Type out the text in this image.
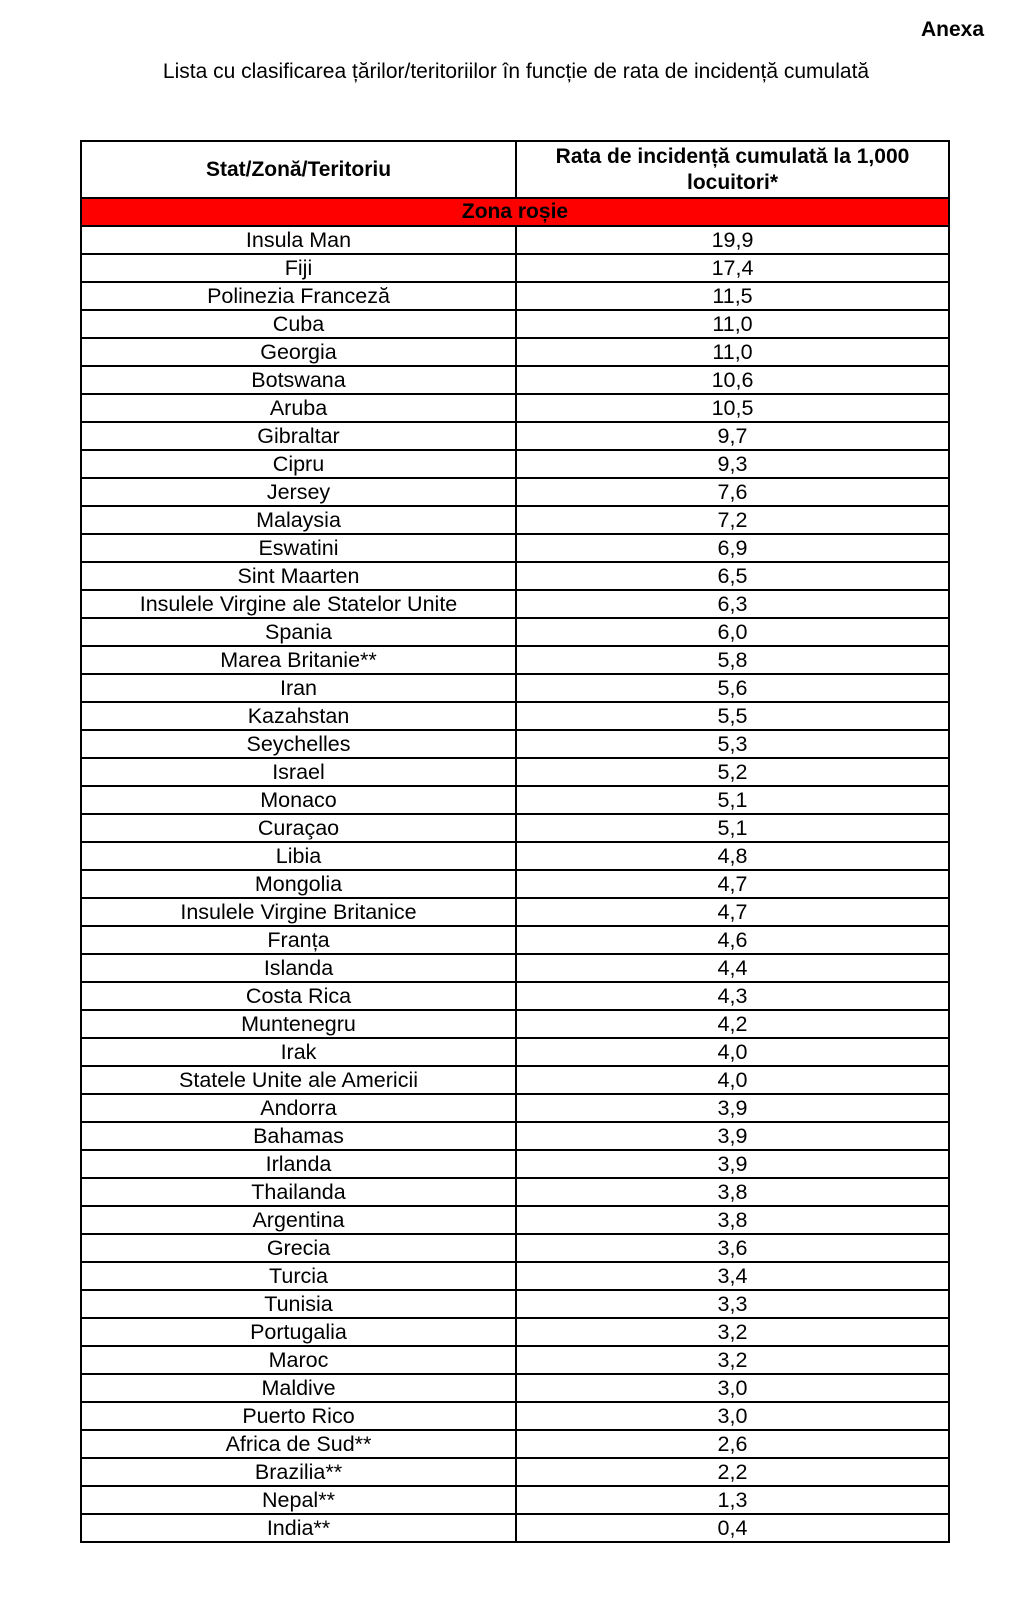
Anexa
Lista cu clasificarea țărilor/teritoriilor în funcție de rata de incidență cumulată
Stat/Zonă/Teritoriu	Rata de incidență cumulată la 1,000 locuitori*
Zona roșie	
Insula Man	19,9
Fiji	17,4
Polinezia Franceză	11,5
Cuba	11,0
Georgia	11,0
Botswana	10,6
Aruba	10,5
Gibraltar	9,7
Cipru	9,3
Jersey	7,6
Malaysia	7,2
Eswatini	6,9
Sint Maarten	6,5
Insulele Virgine ale Statelor Unite	6,3
Spania	6,0
Marea Britanie**	5,8
Iran	5,6
Kazahstan	5,5
Seychelles	5,3
Israel	5,2
Monaco	5,1
Curaçao	5,1
Libia	4,8
Mongolia	4,7
Insulele Virgine Britanice	4,7
Franța	4,6
Islanda	4,4
Costa Rica	4,3
Muntenegru	4,2
Irak	4,0
Statele Unite ale Americii	4,0
Andorra	3,9
Bahamas	3,9
Irlanda	3,9
Thailanda	3,8
Argentina	3,8
Grecia	3,6
Turcia	3,4
Tunisia	3,3
Portugalia	3,2
Maroc	3,2
Maldive	3,0
Puerto Rico	3,0
Africa de Sud**	2,6
Brazilia**	2,2
Nepal**	1,3
India**	0,4
